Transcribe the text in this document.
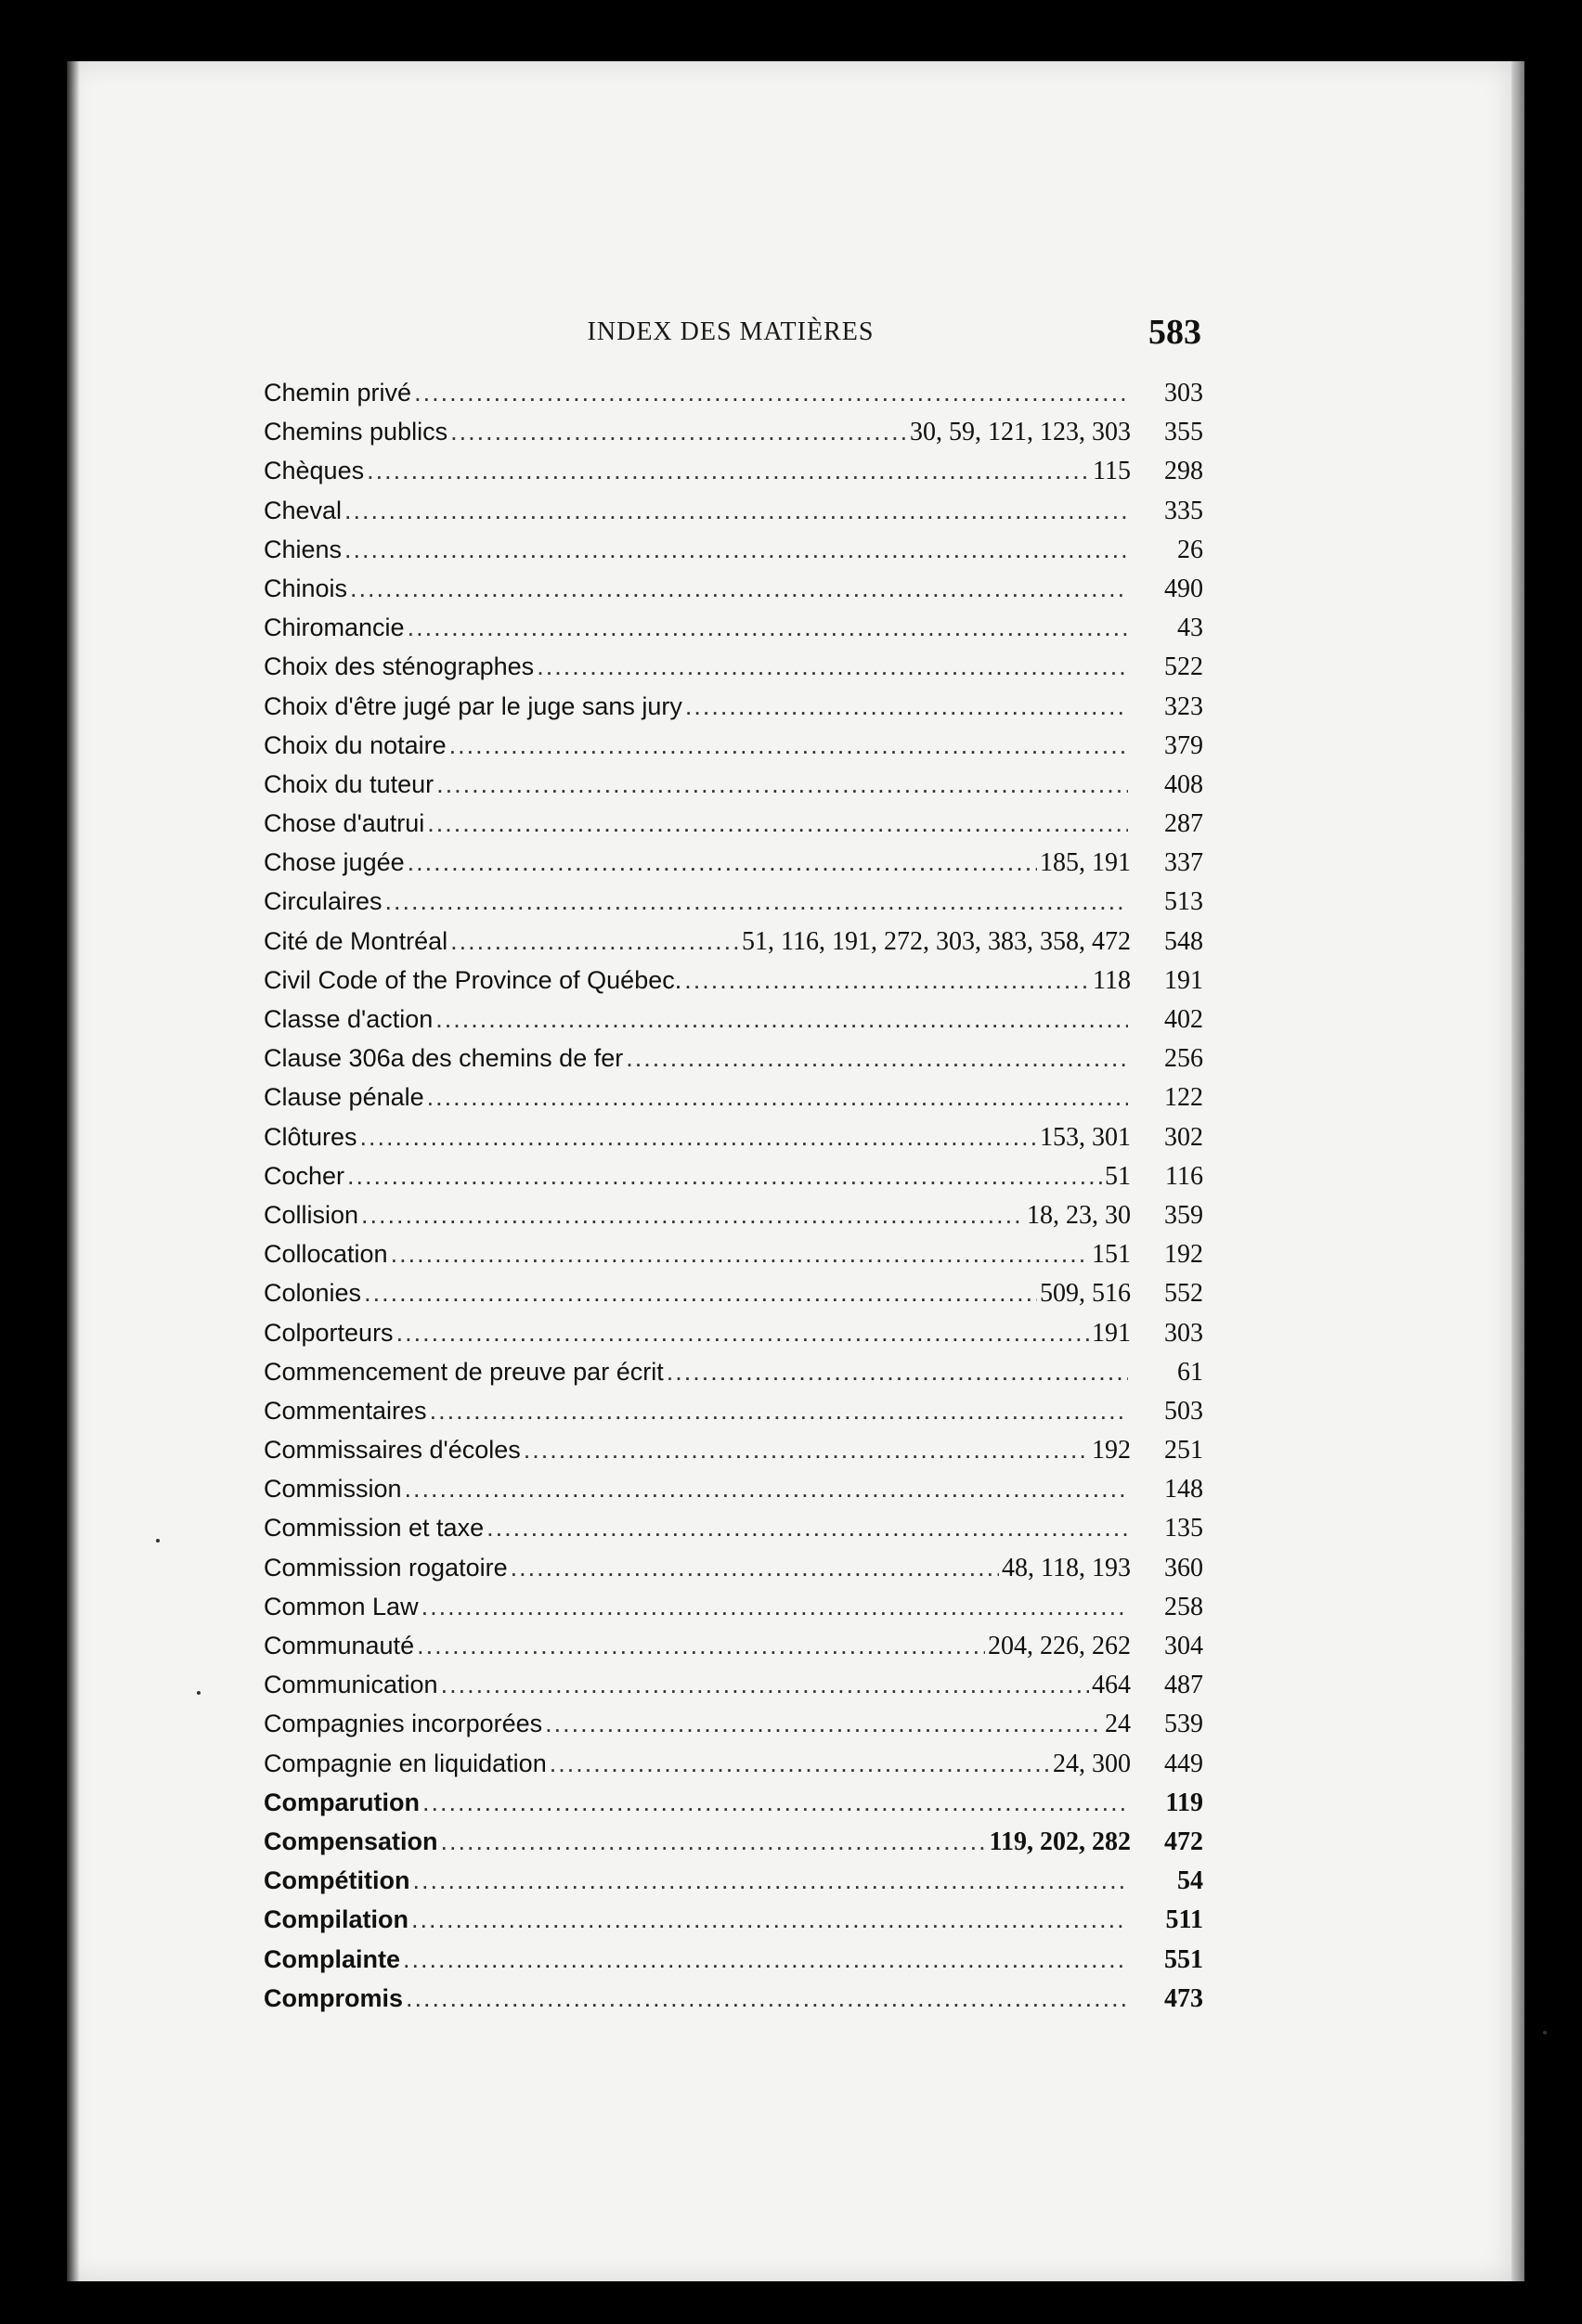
INDEX DES MATIÈRES	583
Chemin privé .....	303
Chemins publics .....	30, 59, 121, 123, 303	355
Chèques .....	115	298
Cheval .....	335
Chiens .....	26
Chinois .....	490
Chiromancie .....	43
Choix des sténographes .....	522
Choix d'être jugé par le juge sans jury .....	323
Choix du notaire .....	379
Choix du tuteur .....	408
Chose d'autrui .....	287
Chose jugée .....	185, 191	337
Circulaires .....	513
Cité de Montréal .....	51, 116, 191, 272, 303, 383, 358, 472	548
Civil Code of the Province of Québec. .....	118	191
Classe d'action .....	402
Clause 306a des chemins de fer .....	256
Clause pénale .....	122
Clôtures .....	153, 301	302
Cocher .....	51	116
Collision .....	18, 23, 30	359
Collocation .....	151	192
Colonies .....	509, 516	552
Colporteurs .....	191	303
Commencement de preuve par écrit .....	61
Commentaires .....	503
Commissaires d'écoles .....	192	251
Commission .....	148
Commission et taxe .....	135
Commission rogatoire .....	48, 118, 193	360
Common Law .....	258
Communauté .....	204, 226, 262	304
Communication .....	464	487
Compagnies incorporées .....	24	539
Compagnie en liquidation .....	24, 300	449
Comparution .....	119
Compensation .....	119, 202, 282	472
Compétition .....	54
Compilation .....	511
Complainte .....	551
Compromis .....	473
